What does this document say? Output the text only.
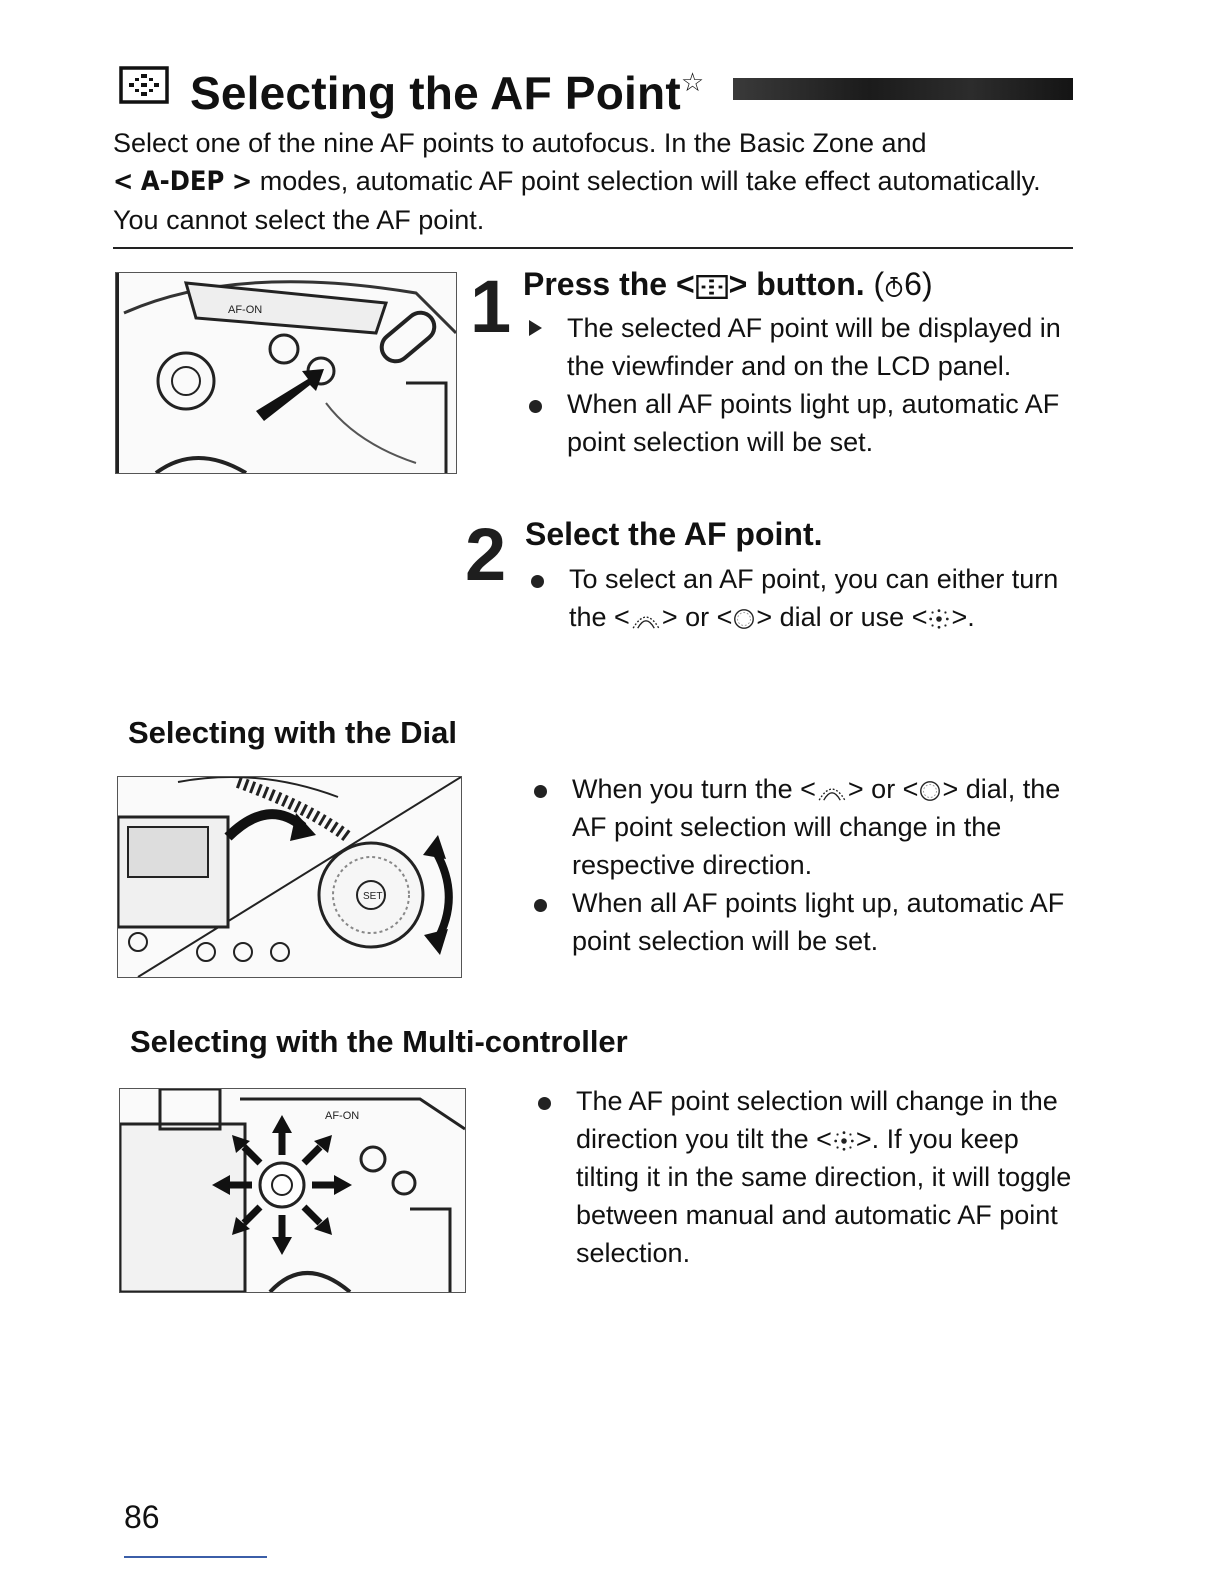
Selecting the AF Point☆

Select one of the nine AF points to autofocus. In the Basic Zone and
< A-DEP > modes, automatic AF point selection will take effect automatically. You cannot select the AF point.

AF-ON	1 Press the < > button. ( 6)
The selected AF point will be displayed in the viewfinder and on the LCD panel.
When all AF points light up, automatic AF point selection will be set.
2 Select the AF point.
To select an AF point, you can either turn the < > or < > dial or use < >.
Selecting with the Dial
SET
When you turn the < > or < > dial, the AF point selection will change in the respective direction.
When all AF points light up, automatic AF point selection will be set.
Selecting with the Multi-controller
AF-ON	The AF point selection will change in the direction you tilt the < >. If you keep tilting it in the same direction, it will toggle between manual and automatic AF point selection.
86
